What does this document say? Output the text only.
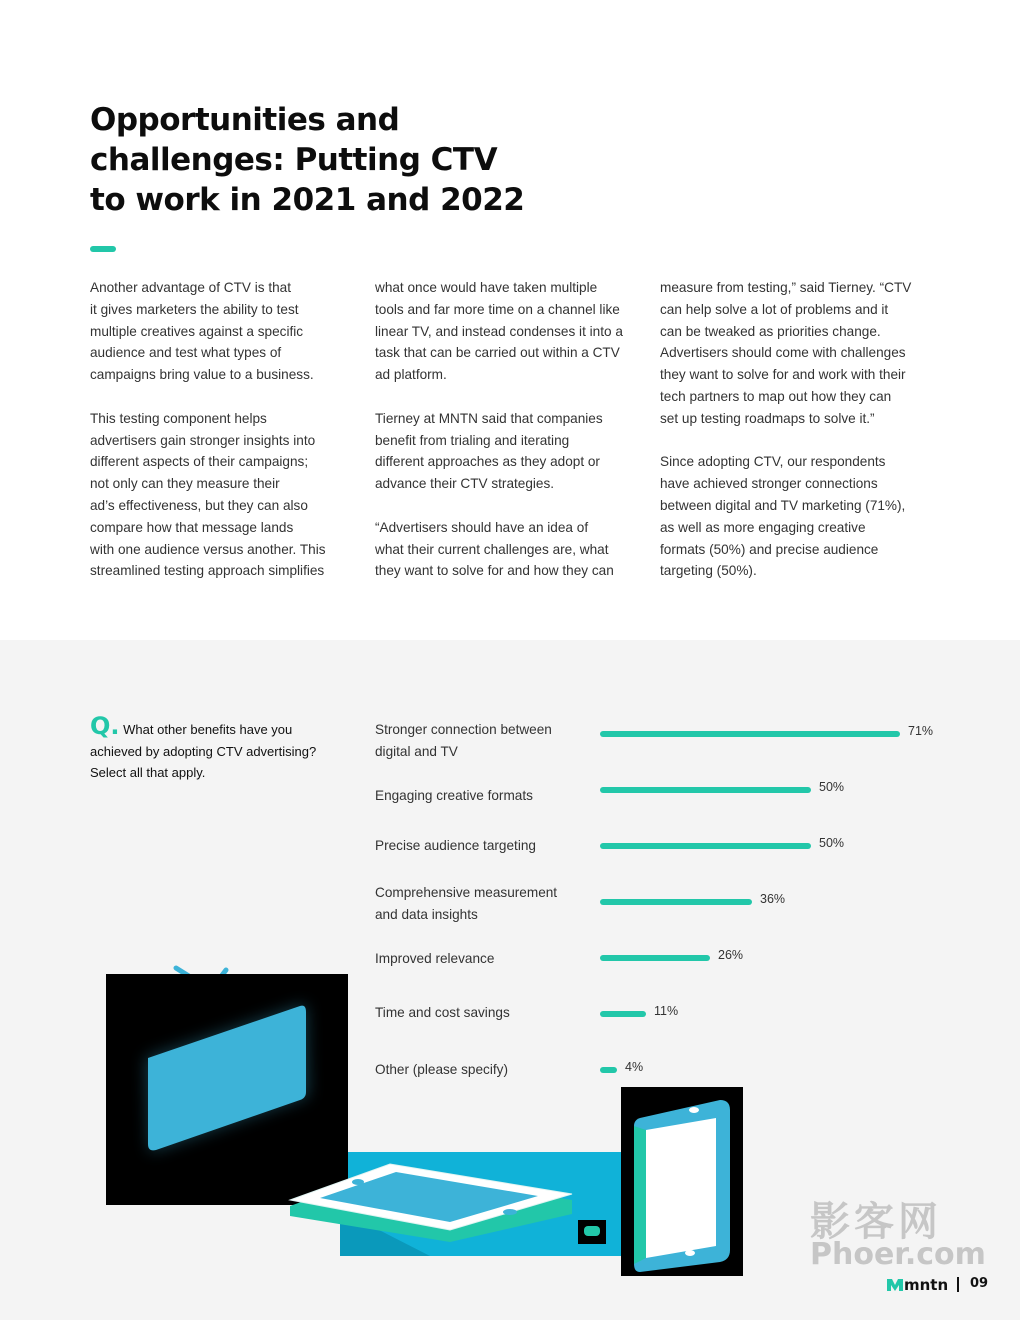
Opportunities and
challenges: Putting CTV
to work in 2021 and 2022

Another advantage of CTV is that
it gives marketers the ability to test
multiple creatives against a specific
audience and test what types of
campaigns bring value to a business.

This testing component helps
advertisers gain stronger insights into
different aspects of their campaigns;
not only can they measure their
ad’s effectiveness, but they can also
compare how that message lands
with one audience versus another. This
streamlined testing approach simplifies

what once would have taken multiple
tools and far more time on a channel like
linear TV, and instead condenses it into a
task that can be carried out within a CTV
ad platform.

Tierney at MNTN said that companies
benefit from trialing and iterating
different approaches as they adopt or
advance their CTV strategies.

“Advertisers should have an idea of
what their current challenges are, what
they want to solve for and how they can

measure from testing,” said Tierney. “CTV
can help solve a lot of problems and it
can be tweaked as priorities change.
Advertisers should come with challenges
they want to solve for and work with their
tech partners to map out how they can
set up testing roadmaps to solve it.”

Since adopting CTV, our respondents
have achieved stronger connections
between digital and TV marketing (71%),
as well as more engaging creative
formats (50%) and precise audience
targeting (50%).

Q. What other benefits have you
achieved by adopting CTV advertising?
Select all that apply.
Stronger connection between
digital and TV
71%
Engaging creative formats
50%
Precise audience targeting	50%
Comprehensive measurement
and data insights
36%
Improved relevance	26%
Time and cost savings	11%
Other (please specify)	4%
影客网
Phoer.com
mntn 09
